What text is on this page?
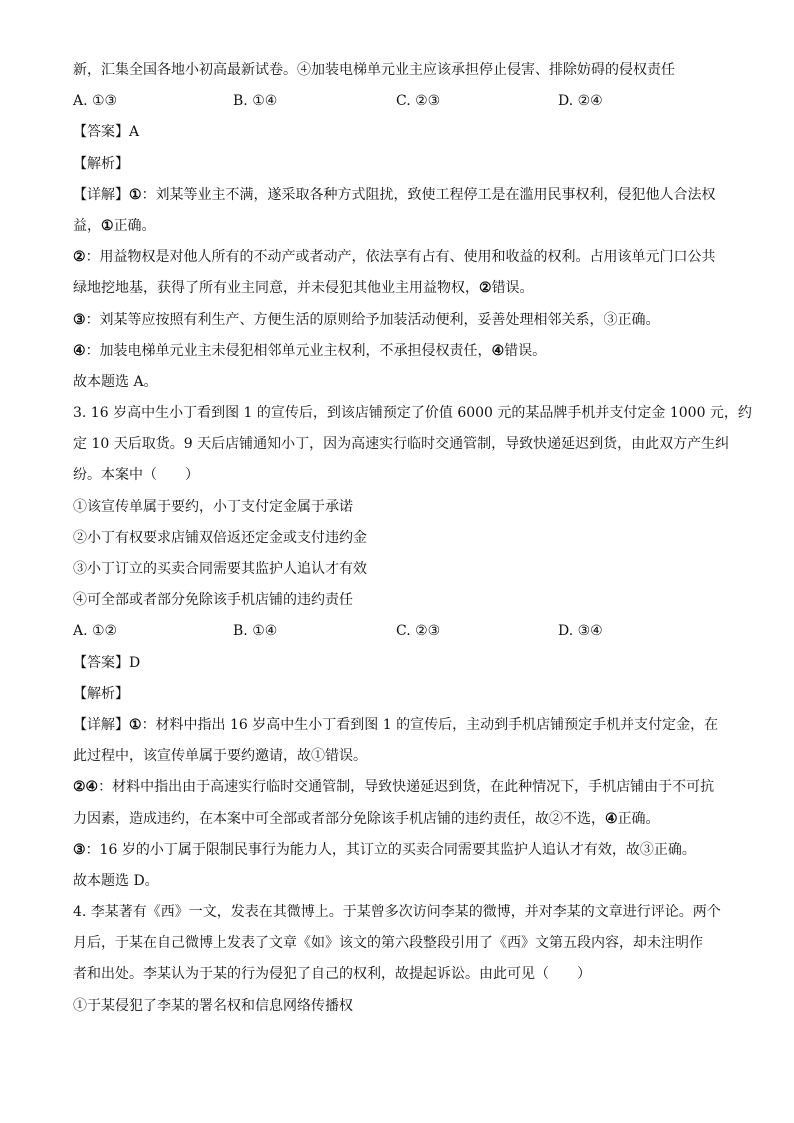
新，汇集全国各地小初高最新试卷。④加装电梯单元业主应该承担停止侵害、排除妨碍的侵权责任
A. ①③	B. ①④	C. ②③	D. ②④
【答案】A
【解析】
【详解】①：刘某等业主不满，遂采取各种方式阻扰，致使工程停工是在滥用民事权利，侵犯他人合法权
益，①正确。
②：用益物权是对他人所有的不动产或者动产，依法享有占有、使用和收益的权利。占用该单元门口公共
绿地挖地基，获得了所有业主同意，并未侵犯其他业主用益物权，②错误。
③：刘某等应按照有利生产、方便生活的原则给予加装活动便利，妥善处理相邻关系，③正确。
④：加装电梯单元业主未侵犯相邻单元业主权利，不承担侵权责任，④错误。
故本题选 A。
3. 16 岁高中生小丁看到图 1 的宣传后，到该店铺预定了价值 6000 元的某品牌手机并支付定金 1000 元，约
定 10 天后取货。9 天后店铺通知小丁，因为高速实行临时交通管制，导致快递延迟到货，由此双方产生纠
纷。本案中（　　）
①该宣传单属于要约，小丁支付定金属于承诺
②小丁有权要求店铺双倍返还定金或支付违约金
③小丁订立的买卖合同需要其监护人追认才有效
④可全部或者部分免除该手机店铺的违约责任
A. ①②	B. ①④	C. ②③	D. ③④
【答案】D
【解析】
【详解】①：材料中指出 16 岁高中生小丁看到图 1 的宣传后，主动到手机店铺预定手机并支付定金，在
此过程中，该宣传单属于要约邀请，故①错误。
②④：材料中指出由于高速实行临时交通管制，导致快递延迟到货，在此种情况下，手机店铺由于不可抗
力因素，造成违约，在本案中可全部或者部分免除该手机店铺的违约责任，故②不选，④正确。
③：16 岁的小丁属于限制民事行为能力人，其订立的买卖合同需要其监护人追认才有效，故③正确。
故本题选 D。
4. 李某著有《西》一文，发表在其微博上。于某曾多次访问李某的微博，并对李某的文章进行评论。两个
月后，于某在自己微博上发表了文章《如》该文的第六段整段引用了《西》文第五段内容，却未注明作
者和出处。李某认为于某的行为侵犯了自己的权利，故提起诉讼。由此可见（　　）
①于某侵犯了李某的署名权和信息网络传播权
